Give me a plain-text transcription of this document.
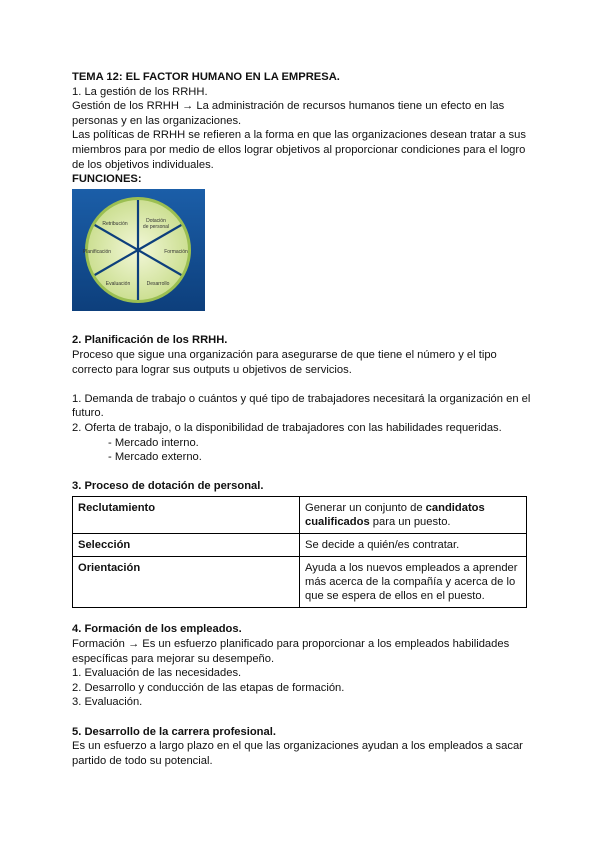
TEMA 12: EL FACTOR HUMANO EN LA EMPRESA.
1. La gestión de los RRHH.
Gestión de los RRHH → La administración de recursos humanos tiene un efecto en las
personas y en las organizaciones.
Las políticas de RRHH se refieren a la forma en que las organizaciones desean tratar a sus
miembros para por medio de ellos lograr objetivos al proporcionar condiciones para el logro
de los objetivos individuales.
FUNCIONES:
Planificación
Dotación de personal
Formación
Desarrollo
Evaluación
Retribución
2. Planificación de los RRHH.
Proceso que sigue una organización para asegurarse de que tiene el número y el tipo
correcto para lograr sus outputs u objetivos de servicios.
1. Demanda de trabajo o cuántos y qué tipo de trabajadores necesitará la organización en el
futuro.
2. Oferta de trabajo, o la disponibilidad de trabajadores con las habilidades requeridas.
- Mercado interno.
- Mercado externo.
3. Proceso de dotación de personal.
Reclutamiento	Generar un conjunto de candidatos cualificados para un puesto.
Selección	Se decide a quién/es contratar.
Orientación	Ayuda a los nuevos empleados a aprender más acerca de la compañía y acerca de lo que se espera de ellos en el puesto.
4. Formación de los empleados.
Formación → Es un esfuerzo planificado para proporcionar a los empleados habilidades
específicas para mejorar su desempeño.
1. Evaluación de las necesidades.
2. Desarrollo y conducción de las etapas de formación.
3. Evaluación.
5. Desarrollo de la carrera profesional.
Es un esfuerzo a largo plazo en el que las organizaciones ayudan a los empleados a sacar
partido de todo su potencial.
